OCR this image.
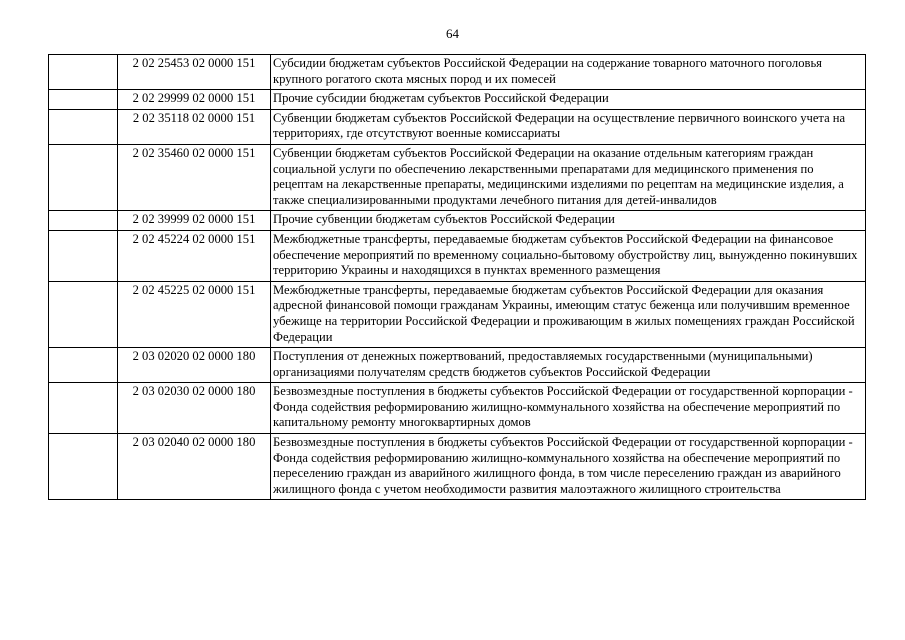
64
	2 02 25453 02 0000 151	Субсидии бюджетам субъектов Российской Федерации на содержание товарного маточного поголовья крупного рогатого скота мясных пород и их помесей
	2 02 29999 02 0000 151	Прочие субсидии бюджетам субъектов Российской Федерации
	2 02 35118 02 0000 151	Субвенции бюджетам субъектов Российской Федерации на осуществление первичного воинского учета на территориях, где отсутствуют военные комиссариаты
	2 02 35460 02 0000 151	Субвенции бюджетам субъектов Российской Федерации на оказание отдельным категориям граждан социальной услуги по обеспечению лекарственными препаратами для медицинского применения по рецептам на лекарственные препараты, медицинскими изделиями по рецептам на медицинские изделия, а также специализированными продуктами лечебного питания для детей-инвалидов
	2 02 39999 02 0000 151	Прочие субвенции бюджетам субъектов Российской Федерации
	2 02 45224 02 0000 151	Межбюджетные трансферты, передаваемые бюджетам субъектов Российской Федерации на финансовое обеспечение мероприятий по временному социально-бытовому обустройству лиц, вынужденно покинувших территорию Украины и находящихся в пунктах временного размещения
	2 02 45225 02 0000 151	Межбюджетные трансферты, передаваемые бюджетам субъектов Российской Федерации для оказания адресной финансовой помощи гражданам Украины, имеющим статус беженца или получившим временное убежище на территории Российской Федерации и проживающим в жилых помещениях граждан Российской Федерации
	2 03 02020 02 0000 180	Поступления от денежных пожертвований, предоставляемых государственными (муниципальными) организациями получателям средств бюджетов субъектов Российской Федерации
	2 03 02030 02 0000 180	Безвозмездные поступления в бюджеты субъектов Российской Федерации от государственной корпорации - Фонда содействия реформированию жилищно-коммунального хозяйства на обеспечение мероприятий по капитальному ремонту многоквартирных домов
	2 03 02040 02 0000 180	Безвозмездные поступления в бюджеты субъектов Российской Федерации от государственной корпорации - Фонда содействия реформированию жилищно-коммунального хозяйства на обеспечение мероприятий по переселению граждан из аварийного жилищного фонда, в том числе переселению граждан из аварийного жилищного фонда с учетом необходимости развития малоэтажного жилищного строительства
